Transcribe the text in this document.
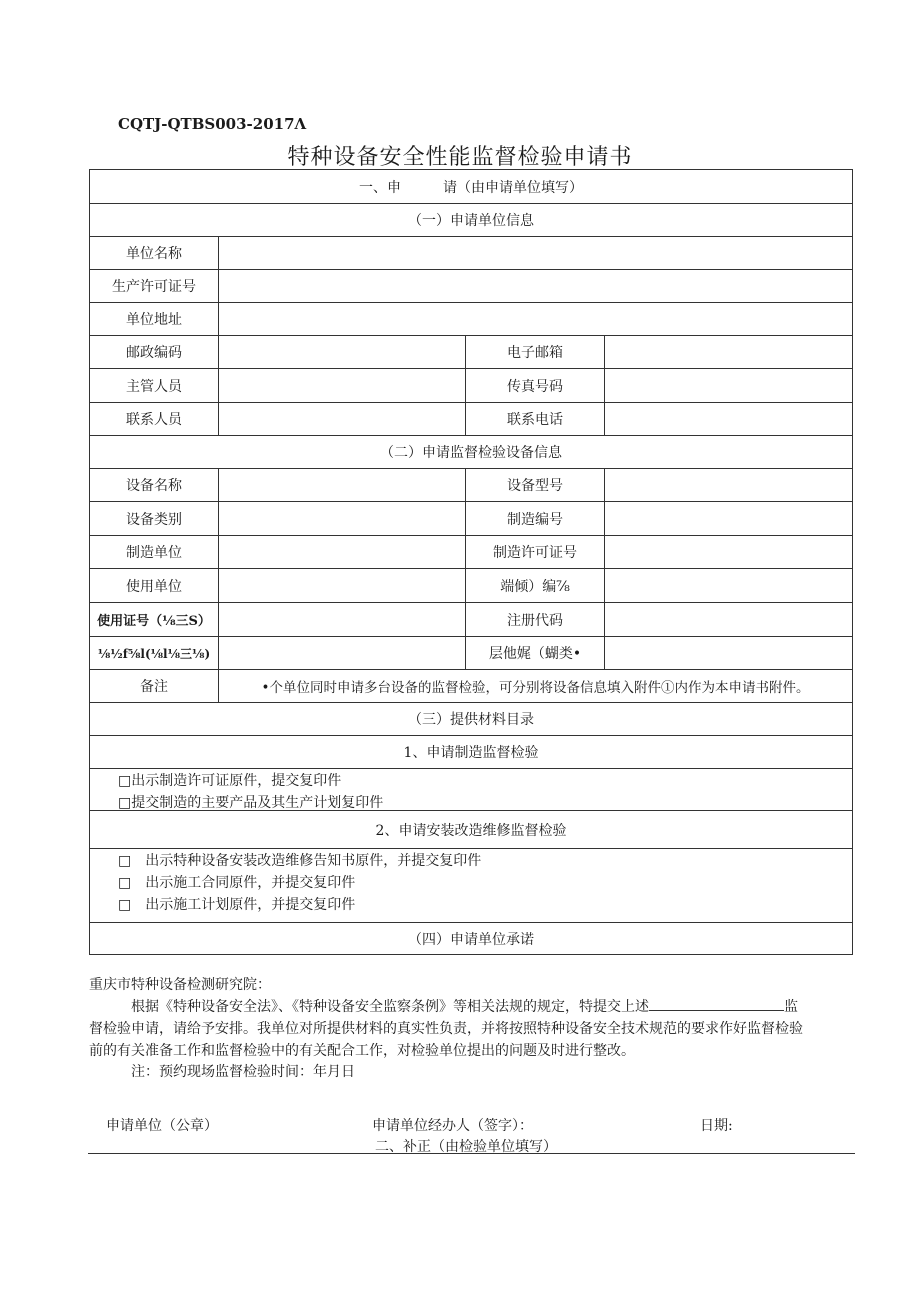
CQTJ-QTBS003-2017Λ
特种设备安全性能监督检验申请书
一、申　　　请（由申请单位填写）
（一）申请单位信息
单位名称
生产许可证号
单位地址
邮政编码	电子邮箱
主管人员	传真号码
联系人员	联系电话
（二）申请监督检验设备信息
设备名称	设备型号
设备类别	制造编号
制造单位	制造许可证号
使用单位	端倾）编⅞
使用证号（⅛三S）	注册代码
⅛½f⅝l(⅛l⅛三⅛)	层他娓（蝴类•
备注	•个单位同时申请多台设备的监督检验，可分别将设备信息填入附件①内作为本申请书附件。
（三）提供材料目录
1、申请制造监督检验
□出示制造许可证原件，提交复印件
□提交制造的主要产品及其生产计划复印件
2、申请安装改造维修监督检验
□　出示特种设备安装改造维修告知书原件，并提交复印件
□　出示施工合同原件，并提交复印件
□　出示施工计划原件，并提交复印件
（四）申请单位承诺
重庆市特种设备检测研究院：
根据《特种设备安全法》、《特种设备安全监察条例》等相关法规的规定，特提交上述	监
督检验申请，请给予安排。我单位对所提供材料的真实性负责，并将按照特种设备安全技术规范的要求作好监督检验
前的有关准备工作和监督检验中的有关配合工作，对检验单位提出的问题及时进行整改。
注：预约现场监督检验时间：年月日
申请单位（公章）	申请单位经办人（签字）：	日期:
二、补正（由检验单位填写）
